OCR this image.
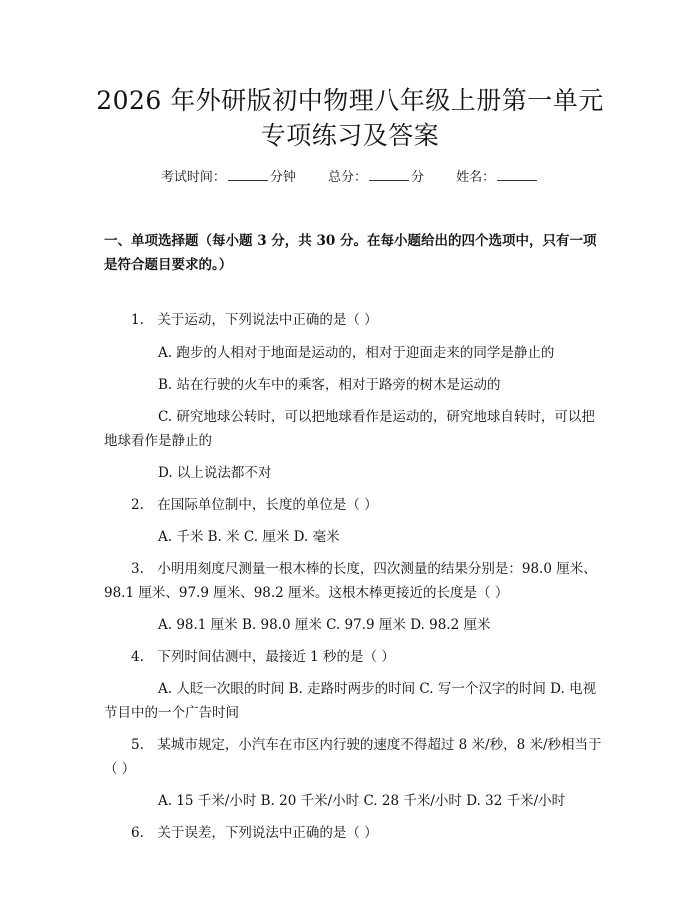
2026 年外研版初中物理八年级上册第一单元
专项练习及答案
考试时间：	分钟 总分：	分 姓名：
一、单项选择题（每小题 3 分，共 30 分。在每小题给出的四个选项中，只有一项是符合题目要求的。）
1.　关于运动，下列说法中正确的是（ ）
A. 跑步的人相对于地面是运动的，相对于迎面走来的同学是静止的
B. 站在行驶的火车中的乘客，相对于路旁的树木是运动的
C. 研究地球公转时，可以把地球看作是运动的，研究地球自转时，可以把地球看作是静止的
D. 以上说法都不对
2.　在国际单位制中，长度的单位是（ ）
A. 千米 B. 米 C. 厘米 D. 毫米
3.　小明用刻度尺测量一根木棒的长度，四次测量的结果分别是：98.0 厘米、98.1 厘米、97.9 厘米、98.2 厘米。这根木棒更接近的长度是（ ）
A. 98.1 厘米 B. 98.0 厘米 C. 97.9 厘米 D. 98.2 厘米
4.　下列时间估测中，最接近 1 秒的是（ ）
A. 人眨一次眼的时间 B. 走路时两步的时间 C. 写一个汉字的时间 D. 电视节目中的一个广告时间
5.　某城市规定，小汽车在市区内行驶的速度不得超过 8 米/秒，8 米/秒相当于（ ）
A. 15 千米/小时 B. 20 千米/小时 C. 28 千米/小时 D. 32 千米/小时
6.　关于误差，下列说法中正确的是（ ）
